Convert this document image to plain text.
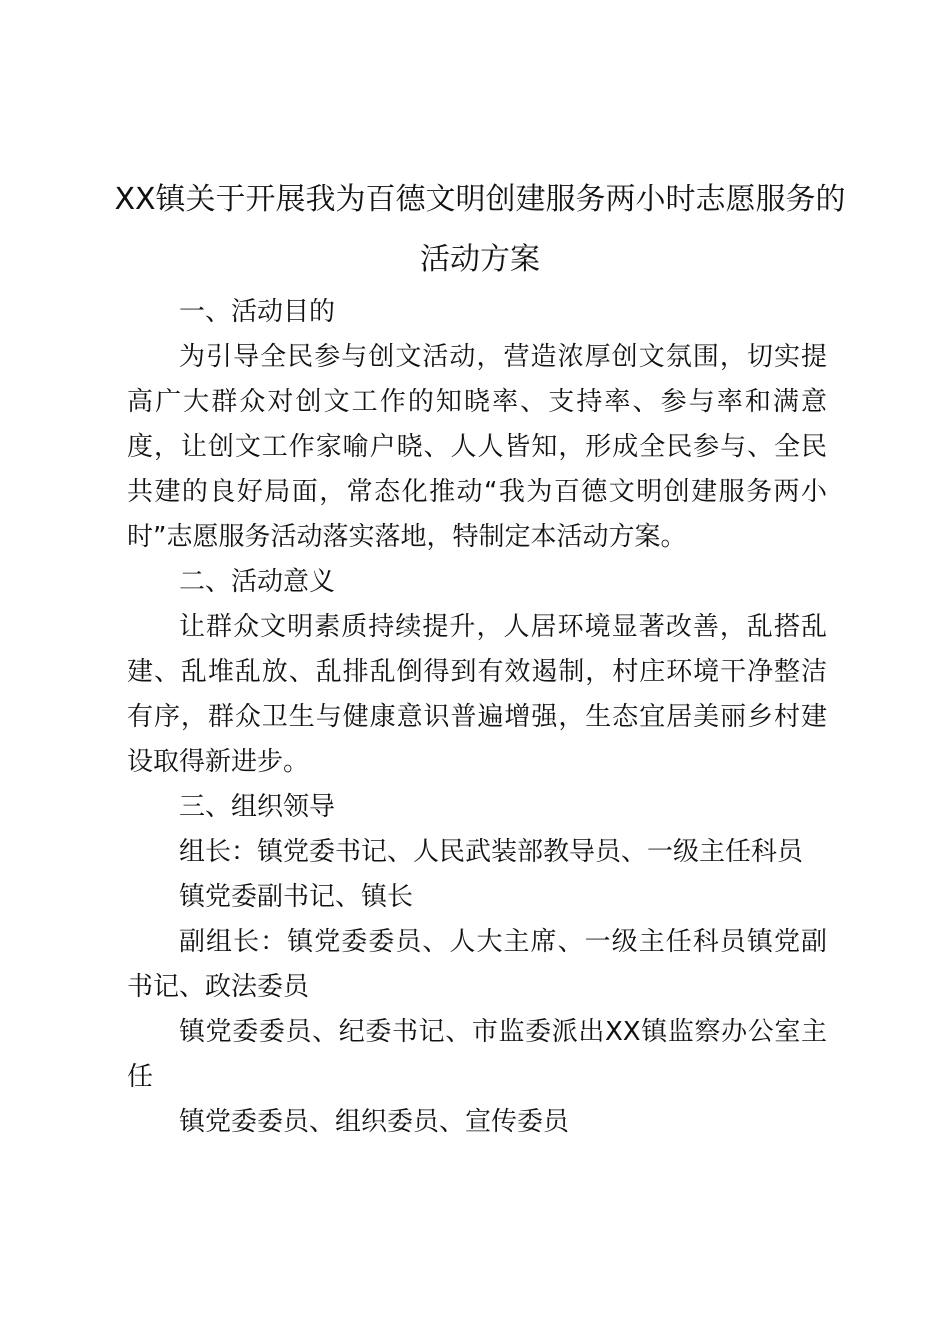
XX镇关于开展我为百德文明创建服务两小时志愿服务的
活动方案

一、活动目的

为引导全民参与创文活动，营造浓厚创文氛围，切实提高广大群众对创文工作的知晓率、支持率、参与率和满意度，让创文工作家喻户晓、人人皆知，形成全民参与、全民共建的良好局面，常态化推动“我为百德文明创建服务两小时”志愿服务活动落实落地，特制定本活动方案。

二、活动意义

让群众文明素质持续提升，人居环境显著改善，乱搭乱建、乱堆乱放、乱排乱倒得到有效遏制，村庄环境干净整洁有序，群众卫生与健康意识普遍增强，生态宜居美丽乡村建设取得新进步。

三、组织领导

组长：镇党委书记、人民武装部教导员、一级主任科员

镇党委副书记、镇长

副组长：镇党委委员、人大主席、一级主任科员镇党副书记、政法委员

镇党委委员、纪委书记、市监委派出XX镇监察办公室主任

镇党委委员、组织委员、宣传委员
